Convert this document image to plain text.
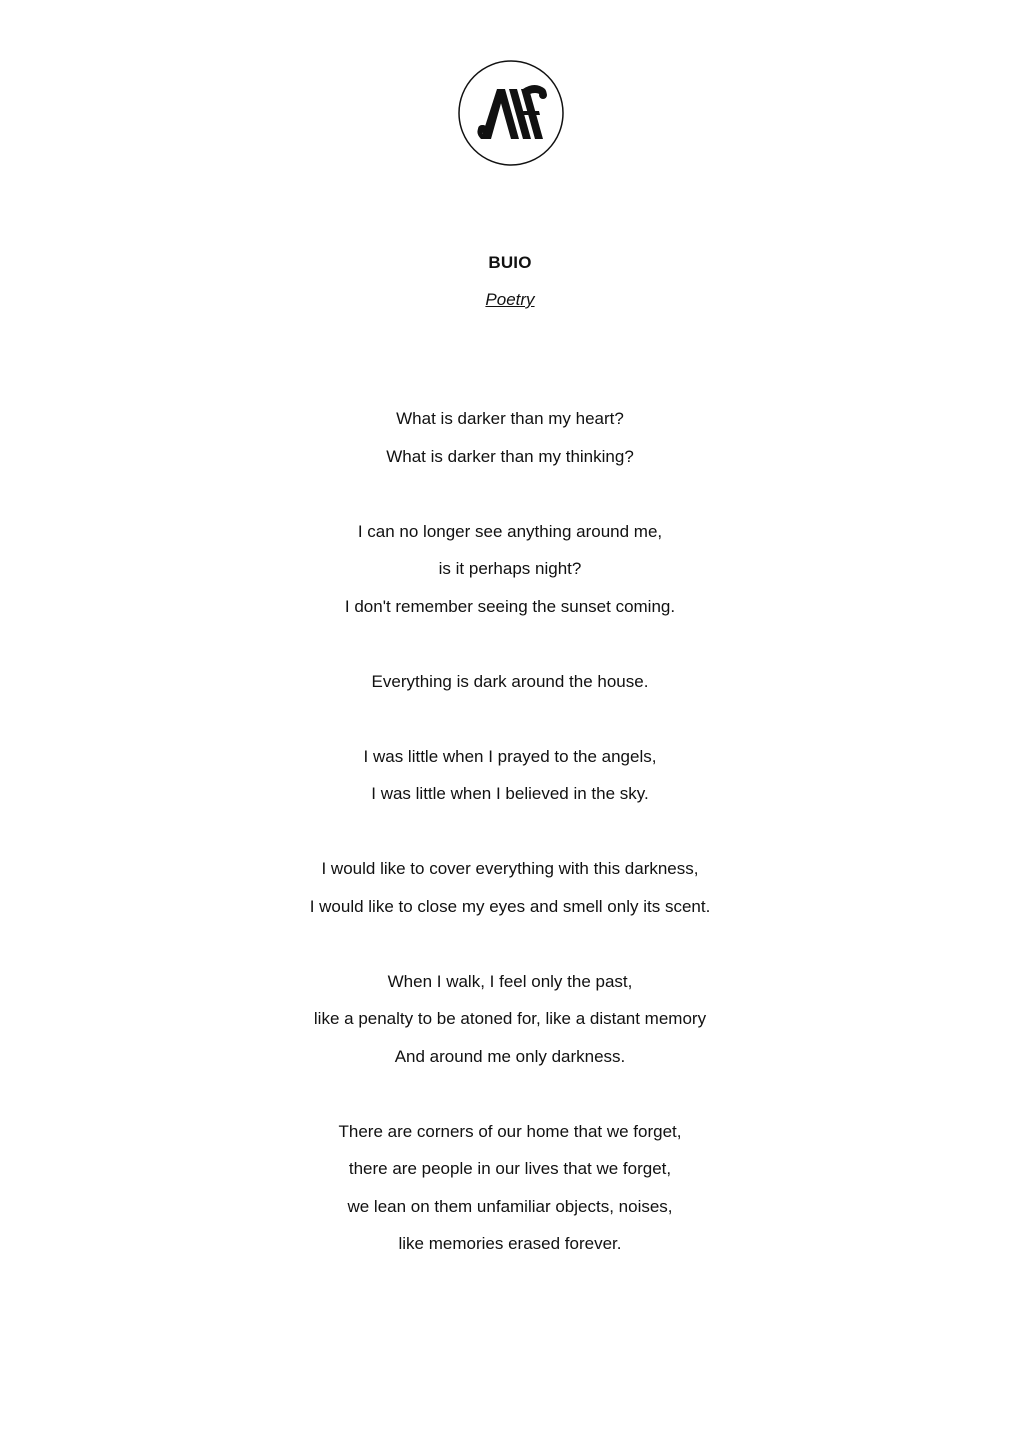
BUIO
Poetry
What is darker than my heart?
What is darker than my thinking?
I can no longer see anything around me,
is it perhaps night?
I don't remember seeing the sunset coming.
Everything is dark around the house.
I was little when I prayed to the angels,
I was little when I believed in the sky.
I would like to cover everything with this darkness,
I would like to close my eyes and smell only its scent.
When I walk, I feel only the past,
like a penalty to be atoned for, like a distant memory
And around me only darkness.
There are corners of our home that we forget,
there are people in our lives that we forget,
we lean on them unfamiliar objects, noises,
like memories erased forever.
